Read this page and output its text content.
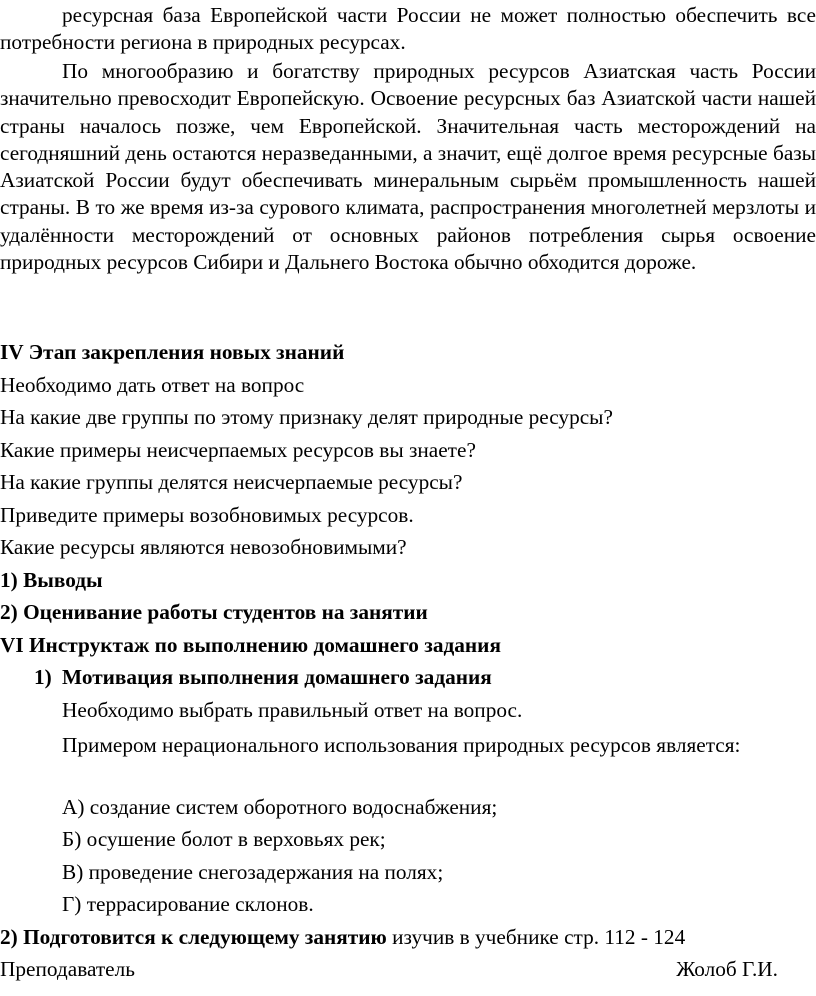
ресурсная база Европейской части России не может полностью обеспечить все потребности региона в природных ресурсах.

По многообразию и богатству природных ресурсов Азиатская часть России значительно превосходит Европейскую. Освоение ресурсных баз Азиатской части нашей страны началось позже, чем Европейской. Значительная часть месторождений на сегодняшний день остаются неразведанными, а значит, ещё долгое время ресурсные базы Азиатской России будут обеспечивать минеральным сырьём промышленность нашей страны. В то же время из-за сурового климата, распространения многолетней мерзлоты и удалённости месторождений от основных районов потребления сырья освоение природных ресурсов Сибири и Дальнего Востока обычно обходится дороже.

IV Этап закрепления новых знаний
Необходимо дать ответ на вопрос
На какие две группы по этому признаку делят природные ресурсы?
Какие примеры неисчерпаемых ресурсов вы знаете?
На какие группы делятся неисчерпаемые ресурсы?
Приведите примеры возобновимых ресурсов.
Какие ресурсы являются невозобновимыми?
1) Выводы
2) Оценивание работы студентов на занятии
VI Инструктаж по выполнению домашнего задания
1) Мотивация выполнения домашнего задания
Необходимо выбрать правильный ответ на вопрос.

Примером нерационального использования природных ресурсов является:

А) создание систем оборотного водоснабжения;
Б) осушение болот в верховьях рек;
В) проведение снегозадержания на полях;
Г) террасирование склонов.
2) Подготовится к следующему занятию изучив в учебнике стр. 112 - 124
Преподаватель	Жолоб Г.И.
